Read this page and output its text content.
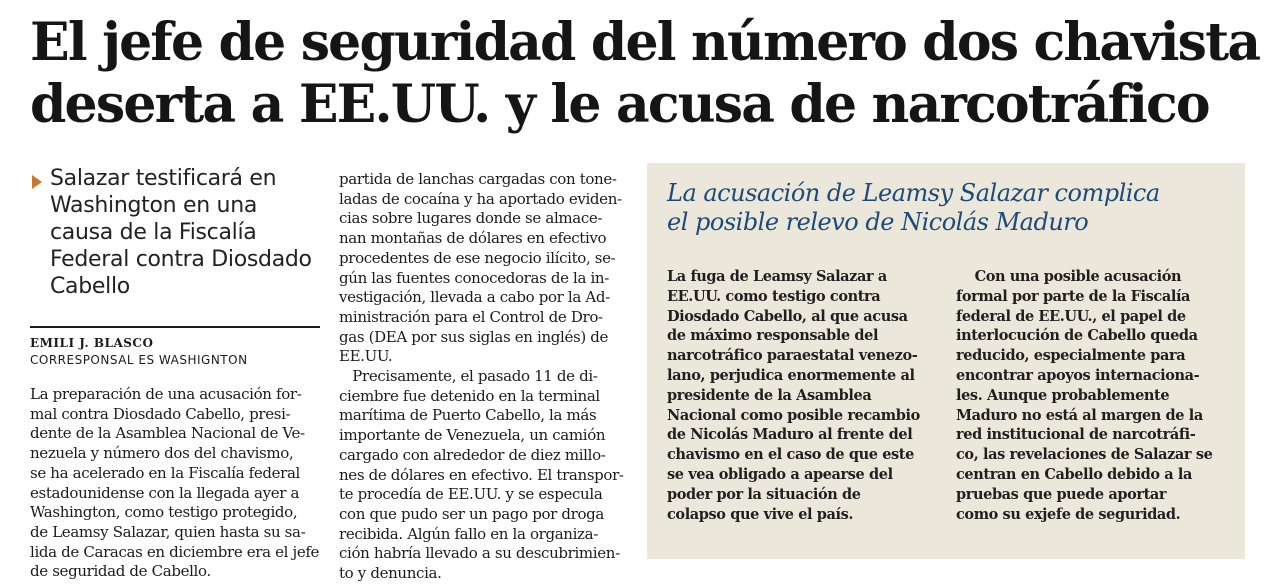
El jefe de seguridad del número dos chavista
deserta a EE.UU. y le acusa de narcotráfico

Salazar testificará en Washington en una causa de la Fiscalía Federal contra Diosdado Cabello

EMILI J. BLASCO
CORRESPONSAL ES WASHIGNTON
La preparación de una acusación for-
mal contra Diosdado Cabello, presi-
dente de la Asamblea Nacional de Ve-
nezuela y número dos del chavismo,
se ha acelerado en la Fiscalía federal
estadounidense con la llegada ayer a
Washington, como testigo protegido,
de Leamsy Salazar, quien hasta su sa-
lida de Caracas en diciembre era el jefe
de seguridad de Cabello.
partida de lanchas cargadas con tone-
ladas de cocaína y ha aportado eviden-
cias sobre lugares donde se almace-
nan montañas de dólares en efectivo
procedentes de ese negocio ilícito, se-
gún las fuentes conocedoras de la in-
vestigación, llevada a cabo por la Ad-
ministración para el Control de Dro-
gas (DEA por sus siglas en inglés) de
EE.UU.
Precisamente, el pasado 11 de di-
ciembre fue detenido en la terminal
marítima de Puerto Cabello, la más
importante de Venezuela, un camión
cargado con alrededor de diez millo-
nes de dólares en efectivo. El transpor-
te procedía de EE.UU. y se especula
con que pudo ser un pago por droga
recibida. Algún fallo en la organiza-
ción habría llevado a su descubrimien-
to y denuncia.
La acusación de Leamsy Salazar complica
el posible relevo de Nicolás Maduro
La fuga de Leamsy Salazar a
EE.UU. como testigo contra
Diosdado Cabello, al que acusa
de máximo responsable del
narcotráfico paraestatal venezo-
lano, perjudica enormemente al
presidente de la Asamblea
Nacional como posible recambio
de Nicolás Maduro al frente del
chavismo en el caso de que este
se vea obligado a apearse del
poder por la situación de
colapso que vive el país.
Con una posible acusación
formal por parte de la Fiscalía
federal de EE.UU., el papel de
interlocución de Cabello queda
reducido, especialmente para
encontrar apoyos internaciona-
les. Aunque probablemente
Maduro no está al margen de la
red institucional de narcotráfi-
co, las revelaciones de Salazar se
centran en Cabello debido a la
pruebas que puede aportar
como su exjefe de seguridad.
